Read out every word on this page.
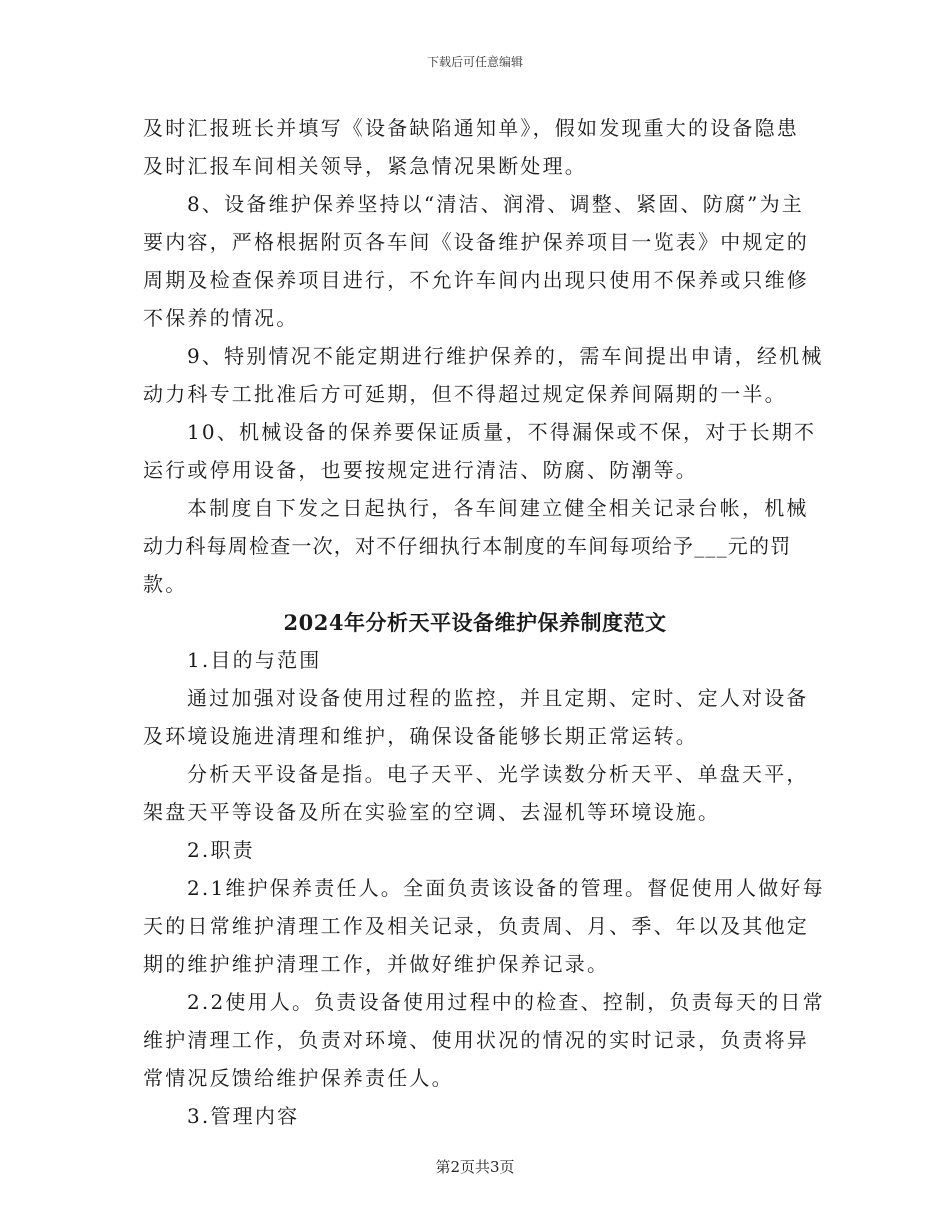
下载后可任意编辑
及时汇报班长并填写《设备缺陷通知单》，假如发现重大的设备隐患
及时汇报车间相关领导，紧急情况果断处理。
8、设备维护保养坚持以“清洁、润滑、调整、紧固、防腐”为主
要内容，严格根据附页各车间《设备维护保养项目一览表》中规定的
周期及检查保养项目进行，不允许车间内出现只使用不保养或只维修
不保养的情况。
9、特别情况不能定期进行维护保养的，需车间提出申请，经机械
动力科专工批准后方可延期，但不得超过规定保养间隔期的一半。
10、机械设备的保养要保证质量，不得漏保或不保，对于长期不
运行或停用设备，也要按规定进行清洁、防腐、防潮等。
本制度自下发之日起执行，各车间建立健全相关记录台帐，机械
动力科每周检查一次，对不仔细执行本制度的车间每项给予___元的罚
款。
2024年分析天平设备维护保养制度范文
1.目的与范围
通过加强对设备使用过程的监控，并且定期、定时、定人对设备
及环境设施进清理和维护，确保设备能够长期正常运转。
分析天平设备是指。电子天平、光学读数分析天平、单盘天平，
架盘天平等设备及所在实验室的空调、去湿机等环境设施。
2.职责
2.1维护保养责任人。全面负责该设备的管理。督促使用人做好每
天的日常维护清理工作及相关记录，负责周、月、季、年以及其他定
期的维护维护清理工作，并做好维护保养记录。
2.2使用人。负责设备使用过程中的检查、控制，负责每天的日常
维护清理工作，负责对环境、使用状况的情况的实时记录，负责将异
常情况反馈给维护保养责任人。
3.管理内容
第2页共3页
